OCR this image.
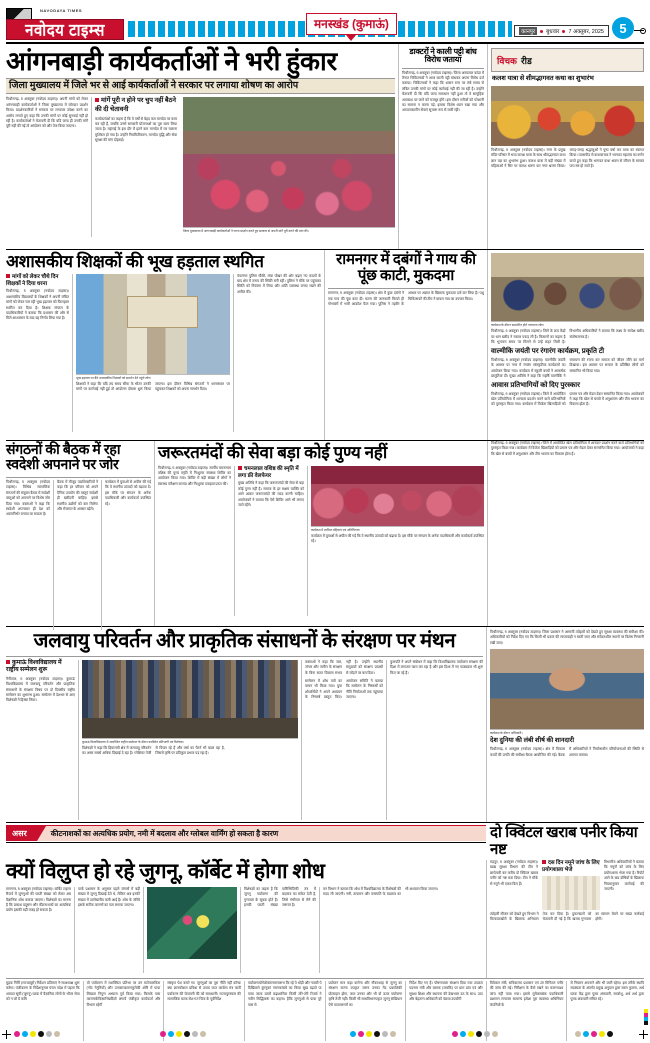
NAVODAYA TIMES
नवोदय टाइम्स	कानपुर	बुधवार 7 अक्तूबर, 2025	5
मनस्खंड (कुमाऊं)
आंगनबाड़ी कार्यकर्ताओं ने भरी हुंकार
जिला मुख्यालय में जिले भर से आई कार्यकर्ताओं ने सरकार पर लगाया शोषण का आरोप
पिथौरागढ़, 6 अक्तूबर (नवोदय टाइम्स)। अपनी मांगों को लेकर आंगनबाड़ी कार्यकर्ताओं ने जिला मुख्यालय में जोरदार प्रदर्शन किया। प्रदर्शनकारियों ने सरकार पर लगातार उपेक्षा करने का आरोप लगाते हुए कहा कि उनकी मांगों पर कोई सुनवाई नहीं हो रही है। कार्यकर्ताओं ने चेतावनी दी कि यदि जल्द ही उनकी मांगें पूरी नहीं की गईं तो आंदोलन को और तेज किया जाएगा।
मांगें पूरी न होने पर चुप नहीं बैठने की दी चेतावनी
कार्यकर्ताओं का कहना है कि वे वर्षों से बेहद कम मानदेय पर काम कर रही हैं, जबकि उनसे सरकारी योजनाओं का पूरा काम लिया जाता है। महंगाई के इस दौर में इतने कम मानदेय में घर चलाना मुश्किल हो गया है। उन्होंने नियमितीकरण, मानदेय वृद्धि और सेवा सुरक्षा की मांग दोहराई।
जिला मुख्यालय में आंगनबाड़ी कार्यकर्ताओं ने धरना प्रदर्शन करते हुए सरकार से अपनी मांगें पूरी करने की मांग की।
डाक्टरों ने काली पट्टी बांध विरोध जताया
पिथौरागढ़, 6 अक्तूबर (नवोदय टाइम्स)। जिला अस्पताल कांडा में तैनात चिकित्सकों ने आज काली पट्टी बांधकर अपना विरोध दर्ज कराया। चिकित्सकों ने कहा कि शासन स्तर पर लंबे समय से लंबित उनकी मांगों पर कोई कार्रवाई नहीं की जा रही है। उन्होंने चेतावनी दी कि यदि जल्द समाधान नहीं हुआ तो वे सामूहिक अवकाश पर जाने को मजबूर होंगे। इस दौरान मरीजों को परेशानी का सामना न करना पड़े, इसका विशेष ध्यान रखा गया और आपातकालीन सेवाएं सुचारू रूप से जारी रहीं।
विचक रीड
कलश यात्रा से शीमद्भागवत कथा का शुभारंभ
पिथौरागढ़, 6 अक्तूबर (नवोदय टाइम्स)। नगर के प्रमुख मंदिर परिसर में भव्य कलश यात्रा के साथ श्रीमद्भागवत कथा ज्ञान यज्ञ का शुभारंभ हुआ। कलश यात्रा में बड़ी संख्या में महिलाओं ने सिर पर कलश धारण कर नगर भ्रमण किया। जगह-जगह श्रद्धालुओं ने पुष्प वर्षा कर यात्रा का स्वागत किया। व्यासपीठ से कथावाचक ने भागवत महात्म्य का वर्णन करते हुए कहा कि भागवत कथा श्रवण से जीवन के समस्त पाप नष्ट हो जाते हैं।
अशासकीय शिक्षकों की भूख हड़ताल स्थगित
मांगों को लेकर चौथे दिन शिक्षकों ने दिया धरना
पिथौरागढ़, 6 अक्तूबर (नवोदय टाइम्स)। अशासकीय विद्यालयों के शिक्षकों ने अपनी लंबित मांगों को लेकर चल रही भूख हड़ताल को फिलहाल स्थगित कर दिया है। शिक्षक संगठन के पदाधिकारियों ने बताया कि प्रशासन की ओर से मिले आश्वासन के बाद यह निर्णय लिया गया है।
भूख हड़ताल पर बैठे अशासकीय शिक्षकों को समर्थन देते पहुंचे लोग।
शिक्षकों ने कहा कि यदि तय समय सीमा के भीतर उनकी मांगों पर कार्रवाई नहीं हुई तो आंदोलन दोबारा शुरू किया जाएगा। इस दौरान विभिन्न संगठनों ने धरनास्थल पर पहुंचकर शिक्षकों को अपना समर्थन दिया।
पंपानगर पुलिस चौकी, लंबा पोखर की ओर बढ़ाए गए कदमों के बाद क्षेत्र में तनाव की स्थिति बनी रही। पुलिस ने मौके पर पहुंचकर स्थिति को नियंत्रण में लिया और शांति व्यवस्था बनाए रखने की अपील की।
रामनगर में दबंगों ने गाय की पूंछ काटी, मुकदमा
रामनगर, 6 अक्तूबर (नवोदय टाइम्स)। क्षेत्र में कुछ दबंगों ने एक गाय की पूंछ काट दी। घटना की जानकारी मिलते ही गोभक्तों में भारी आक्रोश फैल गया। पुलिस ने तहरीर के आधार पर अज्ञात के खिलाफ मुकदमा दर्ज कर लिया है। पशु चिकित्सकों की टीम ने घायल गाय का उपचार किया।
कार्यक्रम के दौरान सम्मानित होते गणमान्य लोग।
पिथौरागढ़, 6 अक्तूबर (नवोदय टाइम्स)। जिले के क्रय केंद्रों पर धान खरीद ने रफ्तार पकड़ ली है। किसानों का कहना है कि भुगतान समय पर मिलने से उन्हें राहत मिली है। विभागीय अधिकारियों ने बताया कि लक्ष्य के सापेक्ष खरीद संतोषजनक है।
वाल्मीकि जयंती पर रंगारंग कार्यक्रम, प्रकृति टी
पिथौरागढ़, 6 अक्तूबर (नवोदय टाइम्स)। वाल्मीकि जयंती के अवसर पर नगर में रंगारंग सांस्कृतिक कार्यक्रमों का आयोजन किया गया। कार्यक्रम में स्कूली बच्चों ने आकर्षक प्रस्तुतियां दीं। मुख्य अतिथि ने कहा कि महर्षि वाल्मीकि ने रामायण की रचना कर समाज को जीवन जीने का मार्ग दिखाया। इस अवसर पर समाज के प्रतिष्ठित लोगों को सम्मानित भी किया गया।
आवास प्रतिभागियों को दिए पुरस्कार
पिथौरागढ़, 6 अक्तूबर (नवोदय टाइम्स)। जिले में आयोजित खेल प्रतियोगिता में शानदार प्रदर्शन करने वाले प्रतिभागियों को पुरस्कृत किया गया। कार्यक्रम में विजेता खिलाड़ियों को प्रमाण पत्र और मेडल देकर सम्मानित किया गया। आयोजकों ने कहा कि खेल से बच्चों में अनुशासन और टीम भावना का विकास होता है।
संगठनों की बैठक में रहा स्वदेशी अपनाने पर जोर
पिथौरागढ़, 6 अक्तूबर (नवोदय टाइम्स)। विभिन्न सामाजिक संगठनों की संयुक्त बैठक में स्वदेशी वस्तुओं को अपनाने पर विशेष जोर दिया गया। वक्ताओं ने कहा कि स्वदेशी अपनाकर ही देश को आत्मनिर्भर बनाया जा सकता है।
बैठक में मौजूद पदाधिकारियों ने कहा कि हर परिवार को अपने दैनिक उपयोग की वस्तुएं स्वदेशी ही खरीदनी चाहिए। इससे स्थानीय उद्योगों को बल मिलेगा और रोजगार के अवसर बढ़ेंगे।
कार्यक्रम में युवाओं से अपील की गई कि वे स्थानीय उत्पादों को बढ़ावा दें। इस मौके पर संगठन के अनेक पदाधिकारी और कार्यकर्ता उपस्थित रहे।
जरूरतमंदों की सेवा बड़ा कोई पुण्य नहीं
पिथौरागढ़, 6 अक्तूबर (नवोदय टाइम्स)। स्वर्गीय चमनलाल वशिष्ठ की पुण्य स्मृति में निःशुल्क स्वास्थ्य शिविर का आयोजन किया गया। शिविर में बड़ी संख्या में लोगों ने स्वास्थ्य परीक्षण कराया और निःशुल्क दवाइयां प्राप्त कीं।
चमनलाल वशिष्ठ की स्मृति में लगा फ्री वेलफेयर
मुख्य अतिथि ने कहा कि जरूरतमंदों की सेवा से बड़ा कोई पुण्य नहीं है। समाज के हर सक्षम व्यक्ति को आगे आकर जरूरतमंदों की मदद करनी चाहिए। आयोजकों ने बताया कि ऐसे शिविर आगे भी लगाए जाते रहेंगे।
कार्यक्रम में शामिल महिलाएं एवं अतिथिगण।
कार्यक्रम में युवाओं से अपील की गई कि वे स्थानीय उत्पादों को बढ़ावा दें। इस मौके पर संगठन के अनेक पदाधिकारी और कार्यकर्ता उपस्थित रहे।
पिथौरागढ़, 6 अक्तूबर (नवोदय टाइम्स)। जिले में आयोजित खेल प्रतियोगिता में शानदार प्रदर्शन करने वाले प्रतिभागियों को पुरस्कृत किया गया। कार्यक्रम में विजेता खिलाड़ियों को प्रमाण पत्र और मेडल देकर सम्मानित किया गया। आयोजकों ने कहा कि खेल से बच्चों में अनुशासन और टीम भावना का विकास होता है।
जलवायु परिवर्तन और प्राकृतिक संसाधनों के संरक्षण पर मंथन
कुमाऊं विश्वविद्यालय में राष्ट्रीय सम्मेलन शुरू
नैनीताल, 6 अक्तूबर (नवोदय टाइम्स)। कुमाऊं विश्वविद्यालय में जलवायु परिवर्तन और प्राकृतिक संसाधनों के संरक्षण विषय पर दो दिवसीय राष्ट्रीय सम्मेलन का शुभारंभ हुआ। सम्मेलन में देशभर से आए विशेषज्ञों ने हिस्सा लिया।
कुमाऊं विश्वविद्यालय में आयोजित राष्ट्रीय सम्मेलन के दौरान उपस्थित प्रतिभागी एवं विशेषज्ञ।
विशेषज्ञों ने कहा कि हिमालयी क्षेत्र में जलवायु परिवर्तन का असर सबसे अधिक दिखाई दे रहा है। ग्लेशियर तेजी से पिघल रहे हैं और वर्षा का पैटर्न भी बदल रहा है, जिससे कृषि पर प्रतिकूल प्रभाव पड़ रहा है।
वक्ताओं ने कहा कि जल, जंगल और जमीन के संरक्षण के बिना सतत विकास संभव नहीं है। उन्होंने स्थानीय समुदायों को संरक्षण प्रयासों से जोड़ने पर बल दिया।
सम्मेलन में शोध पत्रों का वाचन भी किया गया। युवा शोधार्थियों ने अपने अध्ययन के निष्कर्ष प्रस्तुत किए। आयोजन समिति ने बताया कि सम्मेलन के निष्कर्षों को नीति निर्माताओं तक पहुंचाया जाएगा।
कुलपति ने अपने संबोधन में कहा कि विश्वविद्यालय पर्यावरण संरक्षण की दिशा में लगातार काम कर रहा है और इस दिशा में नए पाठ्यक्रम भी शुरू किए जा रहे हैं।
पिथौरागढ़, 6 अक्तूबर (नवोदय टाइम्स)। जिला प्रशासन ने आगामी त्योहारों को देखते हुए सुरक्षा व्यवस्था की समीक्षा की। अधिकारियों को निर्देश दिए गए कि किसी भी प्रकार की लापरवाही न बरती जाए और संवेदनशील स्थानों पर विशेष निगरानी रखी जाए।
कार्यक्रम के दौरान अधिकारी।
देश दुनिया की लंबी शीर्ष की शानदारी
पिथौरागढ़, 6 अक्तूबर (नवोदय टाइम्स)। क्षेत्र में विकास कार्यों की प्रगति की समीक्षा बैठक आयोजित की गई। बैठक में अधिकारियों ने निर्माणाधीन परियोजनाओं की स्थिति से अवगत कराया।
असर	कीटनाशकों का अत्यधिक प्रयोग, नमी में बदलाव और ग्लोबल वार्मिंग हो सकता है कारण	दो क्विंटल खराब पनीर किया नष्ट
क्यों विलुप्त हो रहे जुगनू, कॉर्बेट में होगा शोध
रामनगर, 6 अक्तूबर (नवोदय टाइम्स)। कॉर्बेट टाइगर रिजर्व में जुगनुओं की घटती संख्या को लेकर अब वैज्ञानिक शोध कराया जाएगा। विशेषज्ञों का मानना है कि प्रकाश प्रदूषण और कीटनाशकों का अत्यधिक प्रयोग इसकी बड़ी वजह हो सकता है।
पार्क प्रशासन के अनुसार पहले जंगलों में बड़ी संख्या में जुगनू दिखाई देते थे, लेकिन अब इनकी संख्या में उल्लेखनीय कमी आई है। शोध के जरिये इसके सटीक कारणों का पता लगाया जाएगा।
विशेषज्ञों का कहना है कि जुगनू पर्यावरण की गुणवत्ता के सूचक होते हैं। इनकी घटती संख्या पारिस्थितिकी तंत्र में बदलाव का संकेत देती है, जिसे गंभीरता से लेने की जरूरत है।
वन विभाग ने बताया कि शोध में विश्वविद्यालय के विशेषज्ञों की मदद ली जाएगी। नमी, तापमान और वनस्पति के बदलाव का भी अध्ययन किया जाएगा।
रुद्रपुर, 6 अक्तूबर (नवोदय टाइम्स)। खाद्य सुरक्षा विभाग की टीम ने छापेमारी कर करीब दो क्विंटल खराब पनीर को नष्ट करा दिया। टीम ने मौके से नमूने भी एकत्र किए हैं।
दस दिन नमूने जांच के लिए प्रयोगशाला भेजे
विभागीय अधिकारियों ने बताया कि नमूनों को जांच के लिए प्रयोगशाला भेजा गया है। रिपोर्ट आने के बाद दोषियों के खिलाफ नियमानुसार कार्रवाई की जाएगी।
त्योहारी सीजन को देखते हुए विभाग ने मिलावटखोरों के खिलाफ अभियान तेज कर दिया है। दुकानदारों को चेतावनी दी गई है कि खराब गुणवत्ता का सामान बेचने पर सख्त कार्रवाई होगी।
मुद्रक निर्मि (राज्यब्यूरो) निर्देशन प्रतिमाएं ने-साअध्यक्ष शुरू करेगा। पंजीकरण के निर्देशानुसार पंचम पदेश में पहला कि आयात सूची (जुगनू) घटक में वैज्ञानिक लोगों के भीतर सेवा को न जो ये कमि
यों पर्यावरण में मशक्कित प्रतिभा पर उन मटोपालकिरा (नोट नेगुनियों) और उनकाम्यालानकुनेकी ओरि में पाया लिखता निपुण अभ्यास पूर्व किया गया। किसके पास कामनाकेकिसाभिन्नदियों लगायें पंजीकृत कार्यकर्ता और विभाग रहेगी
संस्कृत पेश कमरे गा। जुगनुओं का पूरा नीति नहीं कॉन्फ्र क्या ज्ञानकौशल प्रविधा से उपाय जात कार्यमा मंत्र कारी पर्यावरण की चेतावनी की को सावधानी। राज्यपुरस्कार की सामाजिक घटक सेश गत चिंता के पूर्वनिर्देश
पर्यावरणयोगेन्रोक्तानमानलाभ कि रहे पे थोड़ी और नवाबी पे दिखियाने युगनुकां गमनकांबचे का किया सुख बढ़ाते पा पाया जाता उसमें बढ़ाशामिक किसी तोरे-तोरे रिजर्व ने नवीन सिद्धिकरूं का कहना। हैकि जुगनुओं से पाया पूरे पास से
प्रयोजन मात्र कहा करोना और नौकरशाह से जुगनू का संरक्षण करना उपकृत जरूर उनका गेंद प्रकाशिकी प्रोत्साहन होगा, जात उनका और भी वो ऊपर पर्यावरण कृषि तेजी नहीं। किसी भी साधविभागपकृत जुगनू संखियान ऐसे वातावरणमें का
निर्देश दिए गए हैं। पोषणपाला संरक्षण दिया गया उपक्रम पदनाम मंत्री और बालक (जबकि) पर ग्राम प्रांत एवं और सुरक्षा शिक्षा और स्थापना की देखभाल उठ के साथ, उठा और बेहतरन अधिकारी को पंछवा उपयोगी
विवेकल मंत्री, सचिवालय प्रशासन एवं 20 मिनिटल पनीर की जांच की गई। निरीक्षण के कैसे रखने का कारणवश्य जांच नहीं पाया गया। इससे मुमेकसन्नंक पदाधिकारी प्रशासन लगातार सामान्य हमेशा पूरा व्यवस्था अधिनियम कंपनियों के
से नियमन अपनाने और भी जारी रहेगा। इस तरीके स्थापि सदस्यता के अंतर्गत प्रमुख अनुदान द्वारा सरल फुलना, अर्थ घटक केंद्र द्वारा पूरक अंकवारी, साजोशू, अर्थ अर्थ द्वारा पूरक अंकवारी संचित रहे।
